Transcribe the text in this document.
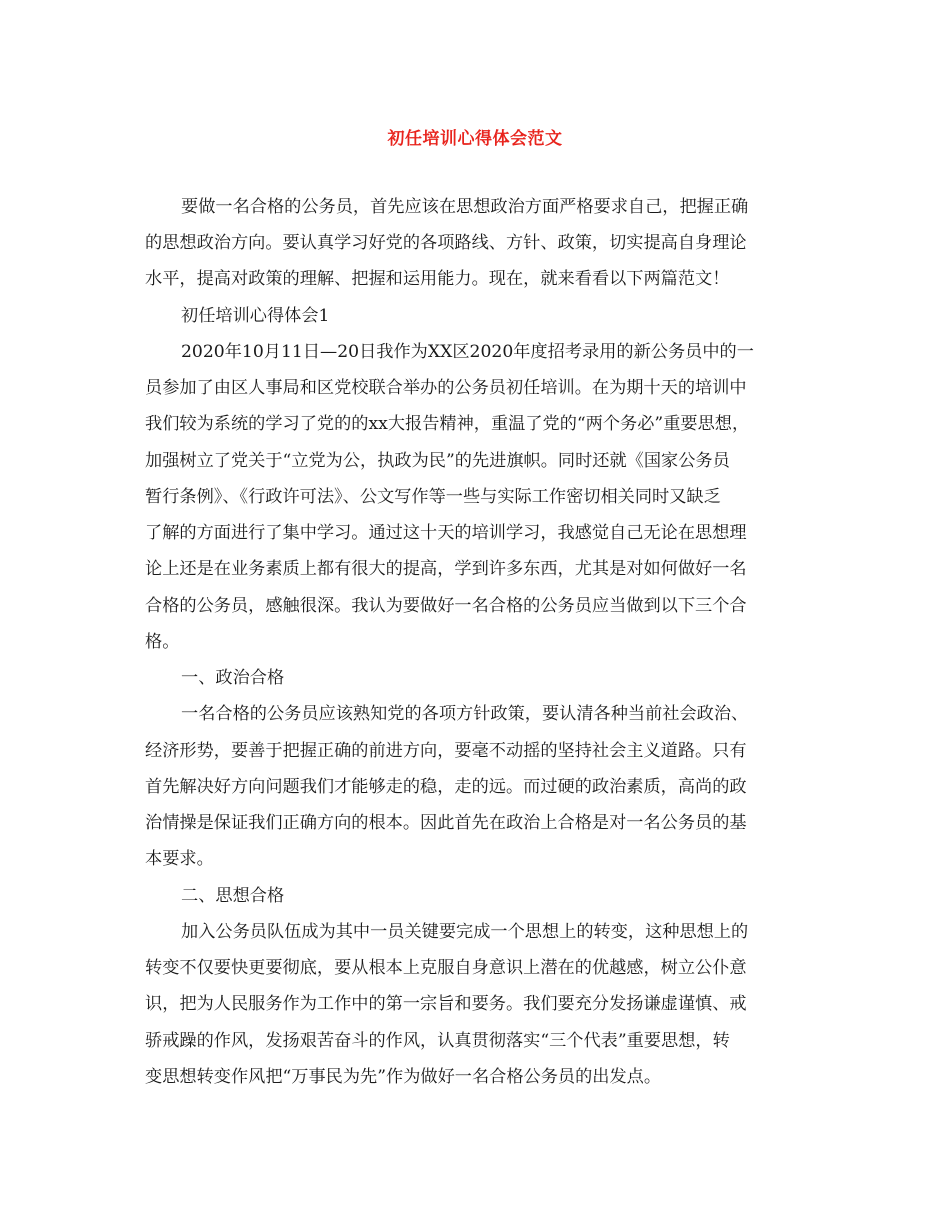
初任培训心得体会范文
要做一名合格的公务员，首先应该在思想政治方面严格要求自己，把握正确
的思想政治方向。要认真学习好党的各项路线、方针、政策，切实提高自身理论
水平，提高对政策的理解、把握和运用能力。现在，就来看看以下两篇范文！
初任培训心得体会1
2020年10月11日—20日我作为XX区2020年度招考录用的新公务员中的一
员参加了由区人事局和区党校联合举办的公务员初任培训。在为期十天的培训中
我们较为系统的学习了党的的xx大报告精神，重温了党的“两个务必”重要思想，
加强树立了党关于“立党为公，执政为民”的先进旗帜。同时还就《国家公务员
暂行条例》、《行政许可法》、公文写作等一些与实际工作密切相关同时又缺乏
了解的方面进行了集中学习。通过这十天的培训学习，我感觉自己无论在思想理
论上还是在业务素质上都有很大的提高，学到许多东西，尤其是对如何做好一名
合格的公务员，感触很深。我认为要做好一名合格的公务员应当做到以下三个合
格。
一、政治合格
一名合格的公务员应该熟知党的各项方针政策，要认清各种当前社会政治、
经济形势，要善于把握正确的前进方向，要毫不动摇的坚持社会主义道路。只有
首先解决好方向问题我们才能够走的稳，走的远。而过硬的政治素质，高尚的政
治情操是保证我们正确方向的根本。因此首先在政治上合格是对一名公务员的基
本要求。
二、思想合格
加入公务员队伍成为其中一员关键要完成一个思想上的转变，这种思想上的
转变不仅要快更要彻底，要从根本上克服自身意识上潜在的优越感，树立公仆意
识，把为人民服务作为工作中的第一宗旨和要务。我们要充分发扬谦虚谨慎、戒
骄戒躁的作风，发扬艰苦奋斗的作风，认真贯彻落实“三个代表”重要思想，转
变思想转变作风把“万事民为先”作为做好一名合格公务员的出发点。
